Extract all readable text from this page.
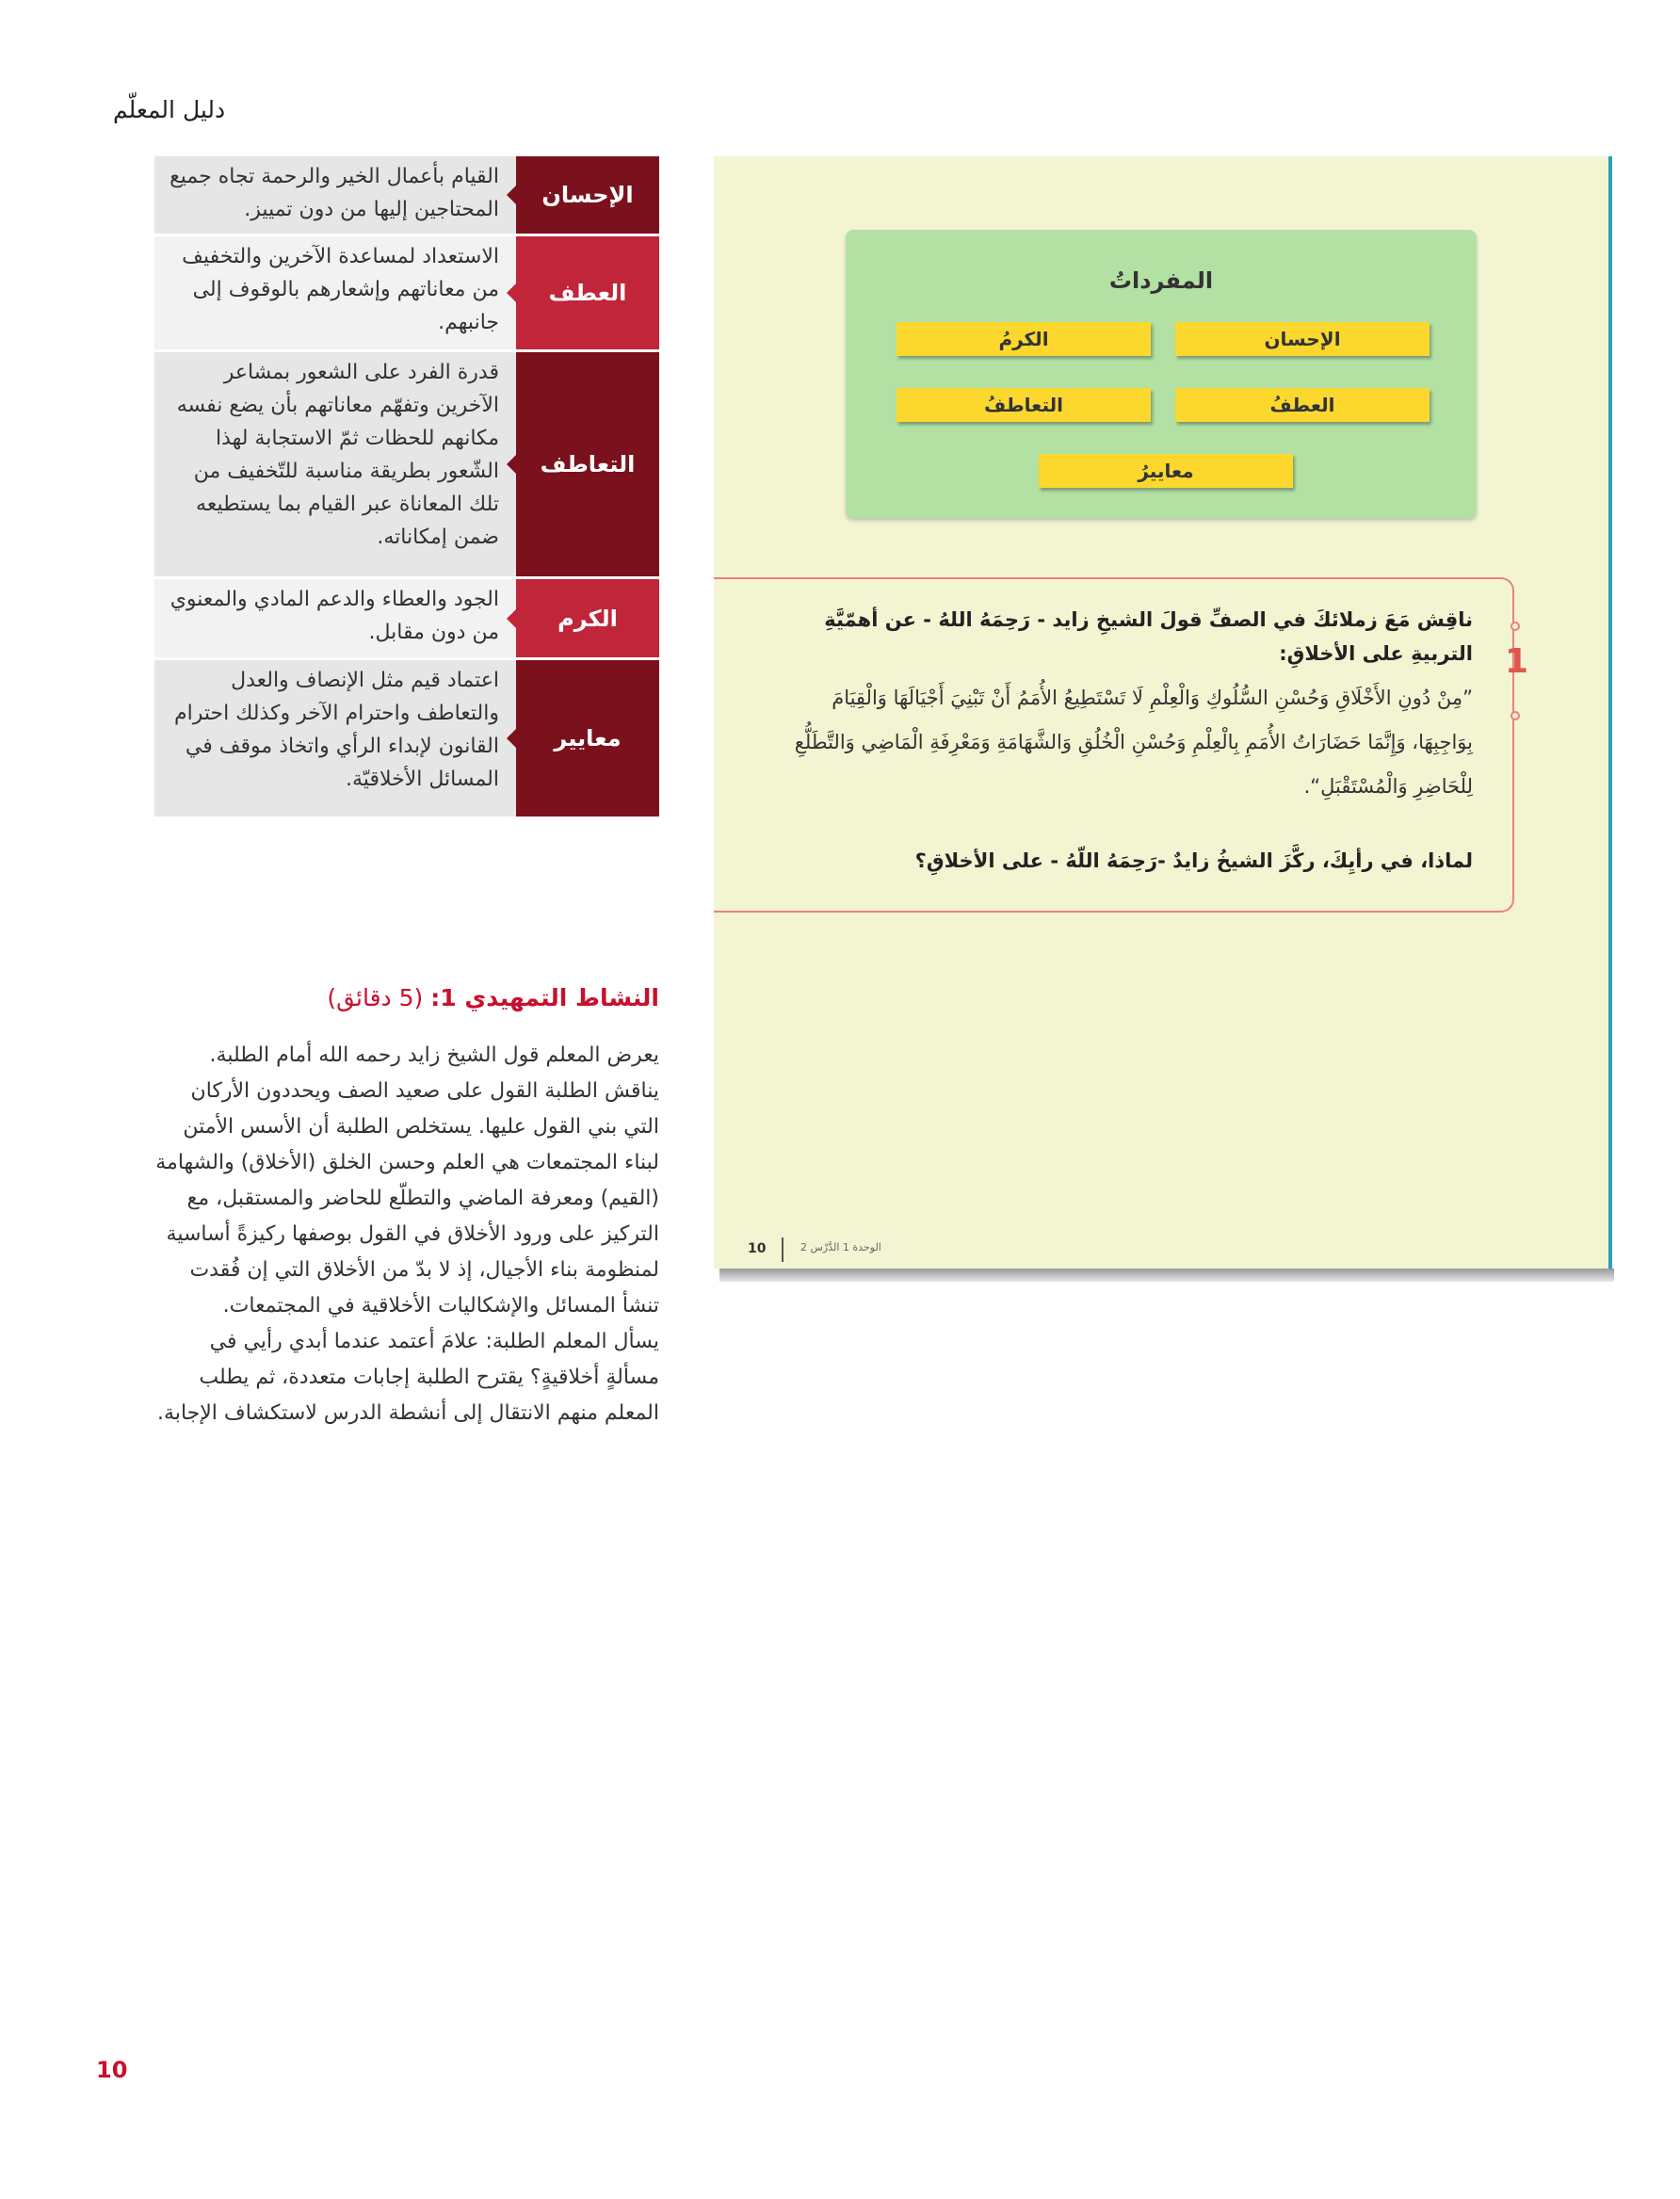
دليل المعلّم
الإحسان
القيام بأعمال الخير والرحمة تجاه جميع المحتاجين إليها من دون تمييز.
العطف
الاستعداد لمساعدة الآخرين والتخفيف من معاناتهم وإشعارهم بالوقوف إلى جانبهم.
التعاطف
قدرة الفرد على الشعور بمشاعر الآخرين وتفهّم معاناتهم بأن يضع نفسه مكانهم للحظات ثمّ الاستجابة لهذا الشّعور بطريقة مناسبة للتّخفيف من تلك المعاناة عبر القيام بما يستطيعه ضمن إمكاناته.
الكرم
الجود والعطاء والدعم المادي والمعنوي من دون مقابل.
معايير
اعتماد قيم مثل الإنصاف والعدل والتعاطف واحترام الآخر وكذلك احترام القانون لإبداء الرأي واتخاذ موقف في المسائل الأخلاقيّة.
النشاط التمهيدي 1: (5 دقائق)
يعرض المعلم قول الشيخ زايد رحمه الله أمام الطلبة. يناقش الطلبة القول على صعيد الصف ويحددون الأركان التي بني القول عليها. يستخلص الطلبة أن الأسس الأمتن لبناء المجتمعات هي العلم وحسن الخلق (الأخلاق) والشهامة (القيم) ومعرفة الماضي والتطلّع للحاضر والمستقبل، مع التركيز على ورود الأخلاق في القول بوصفها ركيزةً أساسية لمنظومة بناء الأجيال، إذ لا بدّ من الأخلاق التي إن فُقدت تنشأ المسائل والإشكاليات الأخلاقية في المجتمعات.
يسأل المعلم الطلبة: علامَ أعتمد عندما أبدي رأيي في مسألةٍ أخلاقيةٍ؟ يقترح الطلبة إجابات متعددة، ثم يطلب المعلم منهم الانتقال إلى أنشطة الدرس لاستكشاف الإجابة.
المفرداتُ
الإحسان
الكرمُ
العطفُ
التعاطفُ
معاييرُ
1
ناقِش مَعَ زملائكَ في الصفِّ قولَ الشيخِ زايد - رَحِمَهُ اللهُ - عن أهمّيَّةِ التربيةِ على الأخلاقِ:
”مِنْ دُونِ الأَخْلَاقِ وَحُسْنِ السُّلُوكِ وَالْعِلْمِ لَا تَسْتَطِيعُ الأُمَمُ أَنْ تَبْنِيَ أَجْيَالَهَا وَالْقِيَامَ بِوَاجِبِهَا، وَإِنَّمَا حَضَارَاتُ الأُمَمِ بِالْعِلْمِ وَحُسْنِ الْخُلُقِ وَالشَّهَامَةِ وَمَعْرِفَةِ الْمَاضِي وَالتَّطَلُّعِ لِلْحَاضِرِ وَالْمُسْتَقْبَلِ“.
لماذا، في رأيِكَ، ركَّزَ الشيخُ زايدٌ -رَحِمَهُ اللّهُ - على الأخلاقِ؟
10	الوحدة 1 الدَّرْس 2
10
